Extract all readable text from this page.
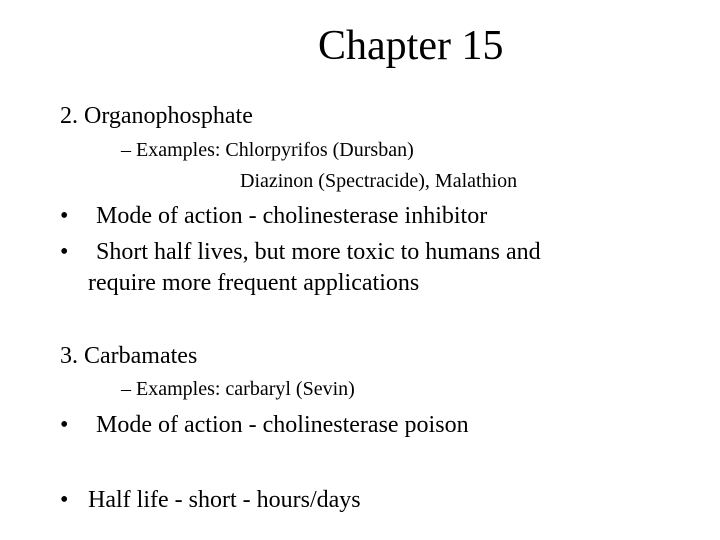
Chapter 15
2. Organophosphate
– Examples: Chlorpyrifos (Dursban)
Diazinon (Spectracide), Malathion
• Mode of action - cholinesterase inhibitor
• Short half lives, but more toxic to humans and
require more frequent applications
3. Carbamates
– Examples: carbaryl (Sevin)
• Mode of action - cholinesterase poison
• Half life - short - hours/days
